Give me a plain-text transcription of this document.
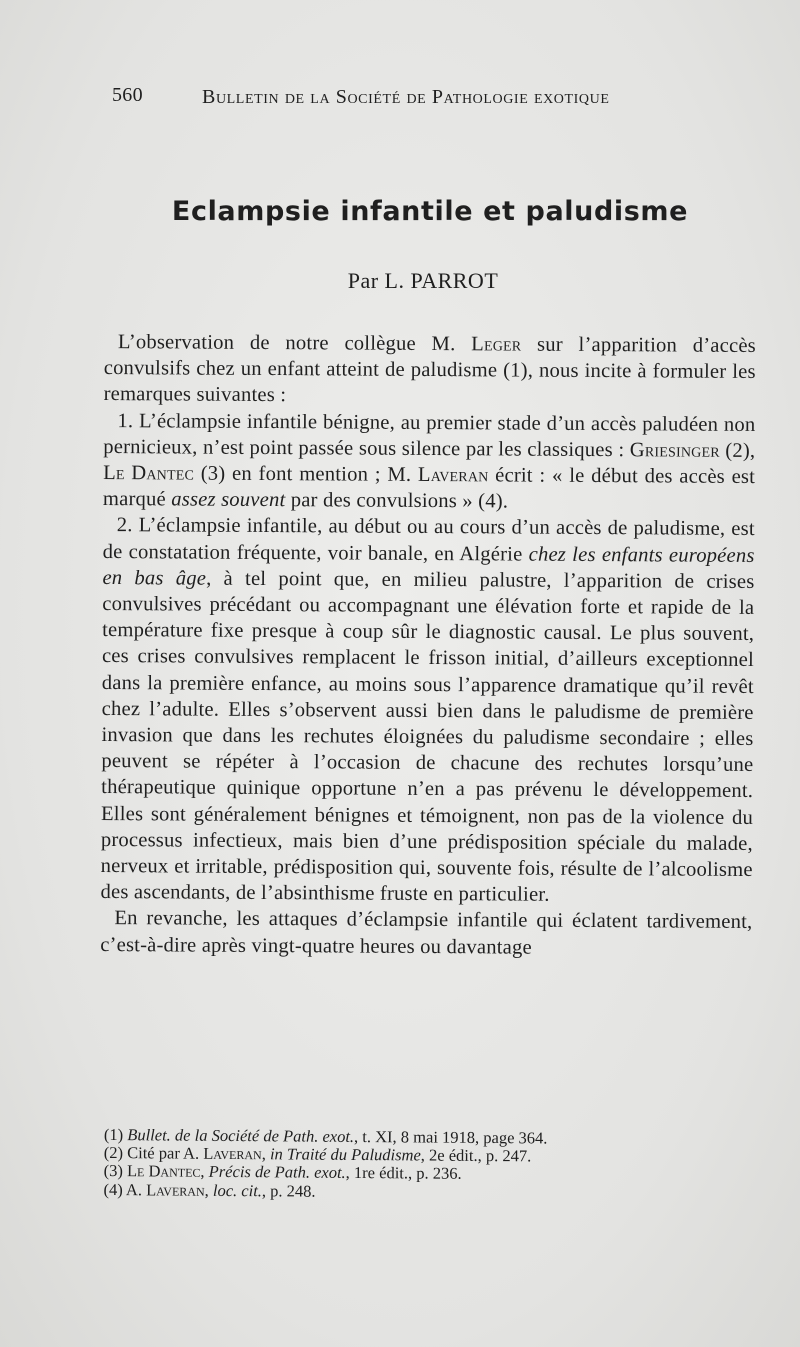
560	Bulletin de la Société de Pathologie exotique
Eclampsie infantile et paludisme
Par L. PARROT

L’observation de notre collègue M. Leger sur l’apparition d’accès convulsifs chez un enfant atteint de paludisme (1), nous incite à formuler les remarques suivantes :

1. L’éclampsie infantile bénigne, au premier stade d’un accès paludéen non pernicieux, n’est point passée sous silence par les classiques : Griesinger (2), Le Dantec (3) en font mention ; M. Laveran écrit : « le début des accès est marqué assez souvent par des convulsions » (4).

2. L’éclampsie infantile, au début ou au cours d’un accès de paludisme, est de constatation fréquente, voir banale, en Algérie chez les enfants européens en bas âge, à tel point que, en milieu palustre, l’apparition de crises convulsives précédant ou accompagnant une élévation forte et rapide de la température fixe presque à coup sûr le diagnostic causal. Le plus souvent, ces crises convulsives remplacent le frisson initial, d’ailleurs exceptionnel dans la première enfance, au moins sous l’apparence dramatique qu’il revêt chez l’adulte. Elles s’observent aussi bien dans le paludisme de première invasion que dans les rechutes éloignées du paludisme secondaire ; elles peuvent se répéter à l’occasion de chacune des rechutes lorsqu’une thérapeutique quinique opportune n’en a pas prévenu le développement. Elles sont généralement bénignes et témoignent, non pas de la violence du processus infectieux, mais bien d’une prédisposition spéciale du malade, nerveux et irritable, prédisposition qui, souvente fois, résulte de l’alcoolisme des ascendants, de l’absinthisme fruste en particulier.

En revanche, les attaques d’éclampsie infantile qui éclatent tardivement, c’est-à-dire après vingt-quatre heures ou davantage

(1) Bullet. de la Société de Path. exot., t. XI, 8 mai 1918, page 364.
(2) Cité par A. Laveran, in Traité du Paludisme, 2e édit., p. 247.
(3) Le Dantec, Précis de Path. exot., 1re édit., p. 236.
(4) A. Laveran, loc. cit., p. 248.
